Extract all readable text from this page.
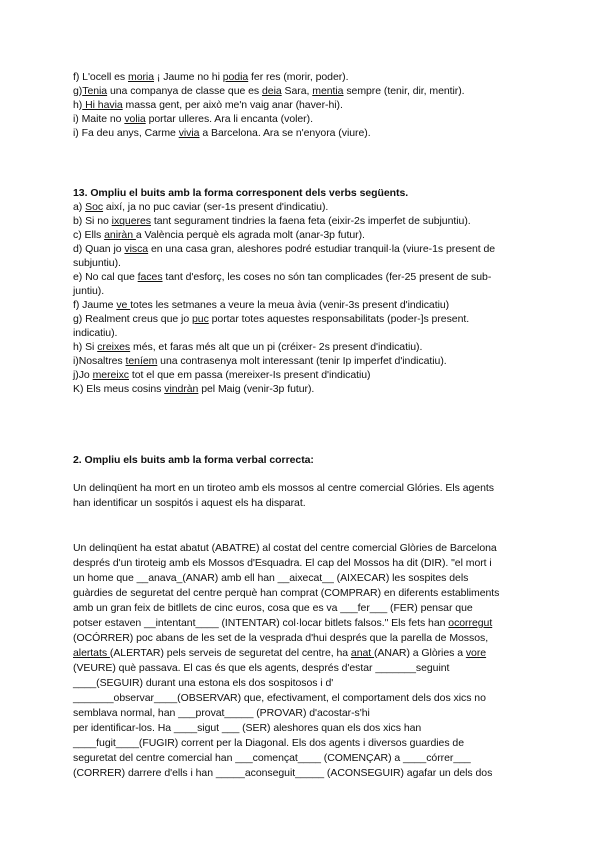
f) L'ocell es moria ¡ Jaume no hi podia fer res (morir, poder).
g)Tenia una companya de classe que es deia Sara, mentia sempre (tenir, dir, mentir).
h) Hi havia massa gent, per això me'n vaig anar (haver-hi).
i) Maite no volia portar ulleres. Ara li encanta (voler).
i) Fa deu anys, Carme vivia a Barcelona. Ara se n'enyora (viure).
13. Ompliu el buits amb la forma corresponent dels verbs següents.
a) Soc així, ja no puc caviar (ser-1s present d'indicatiu).
b) Si no ixqueres tant segurament tindries la faena feta (eixir-2s imperfet de subjuntiu).
c) Ells aniràn a València perquè els agrada molt (anar-3p futur).
d) Quan jo visca en una casa gran, aleshores podré estudiar tranquil·la (viure-1s present de
subjuntiu).
e) No cal que faces tant d'esforç, les coses no són tan complicades (fer-25 present de sub-
juntiu).
f) Jaume ve totes les setmanes a veure la meua àvia (venir-3s present d'indicatiu)
g) Realment creus que jo puc portar totes aquestes responsabilitats (poder-]s present.
indicatiu).
h) Si creixes més, et faras més alt que un pi (créixer- 2s present d'indicatiu).
i)Nosaltres teníem una contrasenya molt interessant (tenir Ip imperfet d'indicatiu).
j)Jo mereixc tot el que em passa (mereixer-Is present d'indicatiu)
K) Els meus cosins vindràn pel Maig (venir-3p futur).
2. Ompliu els buits amb la forma verbal correcta:
Un delinqüent ha mort en un tiroteo amb els mossos al centre comercial Glóries. Els agents
han identificar un sospitós i aquest els ha disparat.
Un delinqüent ha estat abatut (ABATRE) al costat del centre comercial Glòries de Barcelona
després d'un tiroteig amb els Mossos d'Esquadra. El cap del Mossos ha dit (DIR). "el mort i
un home que __anava_(ANAR) amb ell han __aixecat__ (AIXECAR) les sospites dels
guàrdies de seguretat del centre perquè han comprat (COMPRAR) en diferents establiments
amb un gran feix de bitllets de cinc euros, cosa que es va ___fer___ (FER) pensar que
potser estaven __intentant____ (INTENTAR) col·locar bitlets falsos." Els fets han ocorregut
(OCÓRRER) poc abans de les set de la vesprada d'hui després que la parella de Mossos,
alertats (ALERTAR) pels serveis de seguretat del centre, ha anat (ANAR) a Glòries a vore
(VEURE) què passava. El cas és que els agents, després d'estar _______seguint
____(SEGUIR) durant una estona els dos sospitosos i d'
_______observar____(OBSERVAR) que, efectivament, el comportament dels dos xics no
semblava normal, han ___provat_____ (PROVAR) d'acostar-s'hi
per identificar-los. Ha ____sigut ___ (SER) aleshores quan els dos xics han
____fugit____(FUGIR) corrent per la Diagonal. Els dos agents i diversos guardies de
seguretat del centre comercial han ___començat____ (COMENÇAR) a ____córrer___
(CORRER) darrere d'ells i han _____aconseguit_____ (ACONSEGUIR) agafar un dels dos
